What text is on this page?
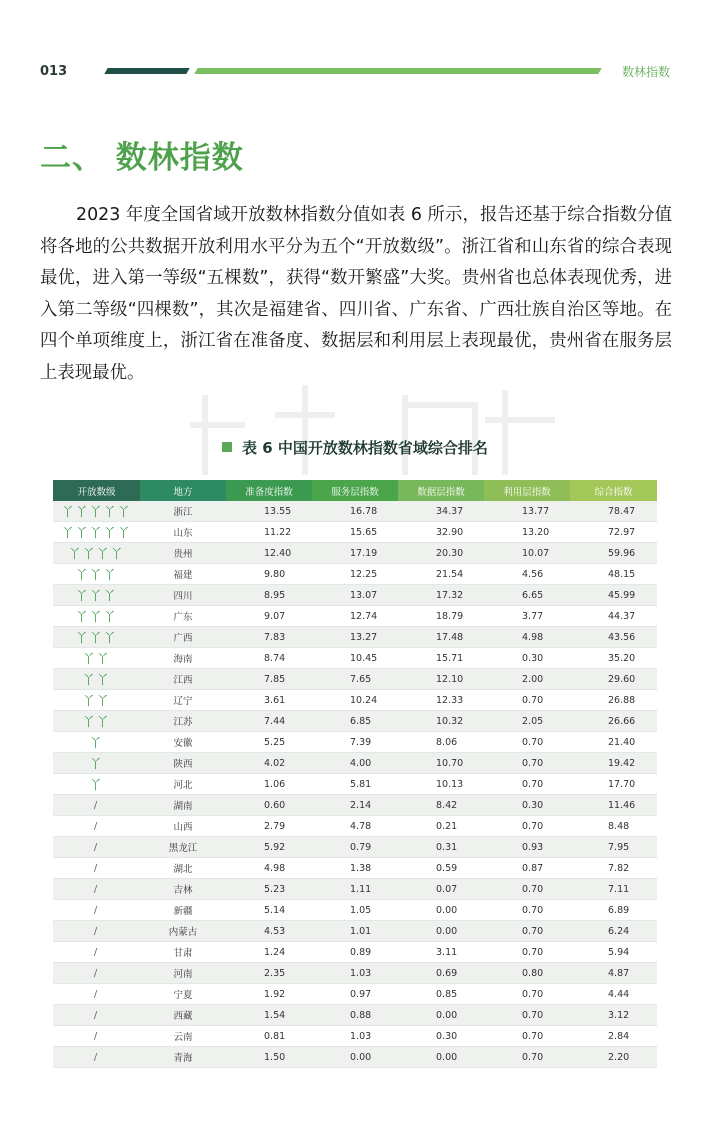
013	数林指数
二、 数林指数
2023 年度全国省域开放数林指数分值如表 6 所示，报告还基于综合指数分值将各地的公共数据开放利用水平分为五个“开放数级”。浙江省和山东省的综合表现最优，进入第一等级“五棵数”，获得“数开繁盛”大奖。贵州省也总体表现优秀，进入第二等级“四棵数”，其次是福建省、四川省、广东省、广西壮族自治区等地。在四个单项维度上，浙江省在准备度、数据层和利用层上表现最优，贵州省在服务层上表现最优。
表 6 中国开放数林指数省域综合排名
开放数级	地方	准备度指数	服务层指数	数据层指数	利用层指数	综合指数
丫丫丫丫丫	浙江	13.55	16.78	34.37	13.77	78.47
丫丫丫丫丫	山东	11.22	15.65	32.90	13.20	72.97
丫丫丫丫	贵州	12.40	17.19	20.30	10.07	59.96
丫丫丫	福建	9.80	12.25	21.54	4.56	48.15
丫丫丫	四川	8.95	13.07	17.32	6.65	45.99
丫丫丫	广东	9.07	12.74	18.79	3.77	44.37
丫丫丫	广西	7.83	13.27	17.48	4.98	43.56
丫丫	海南	8.74	10.45	15.71	0.30	35.20
丫丫	江西	7.85	7.65	12.10	2.00	29.60
丫丫	辽宁	3.61	10.24	12.33	0.70	26.88
丫丫	江苏	7.44	6.85	10.32	2.05	26.66
丫	安徽	5.25	7.39	8.06	0.70	21.40
丫	陕西	4.02	4.00	10.70	0.70	19.42
丫	河北	1.06	5.81	10.13	0.70	17.70
/	湖南	0.60	2.14	8.42	0.30	11.46
/	山西	2.79	4.78	0.21	0.70	8.48
/	黑龙江	5.92	0.79	0.31	0.93	7.95
/	湖北	4.98	1.38	0.59	0.87	7.82
/	吉林	5.23	1.11	0.07	0.70	7.11
/	新疆	5.14	1.05	0.00	0.70	6.89
/	内蒙古	4.53	1.01	0.00	0.70	6.24
/	甘肃	1.24	0.89	3.11	0.70	5.94
/	河南	2.35	1.03	0.69	0.80	4.87
/	宁夏	1.92	0.97	0.85	0.70	4.44
/	西藏	1.54	0.88	0.00	0.70	3.12
/	云南	0.81	1.03	0.30	0.70	2.84
/	青海	1.50	0.00	0.00	0.70	2.20
